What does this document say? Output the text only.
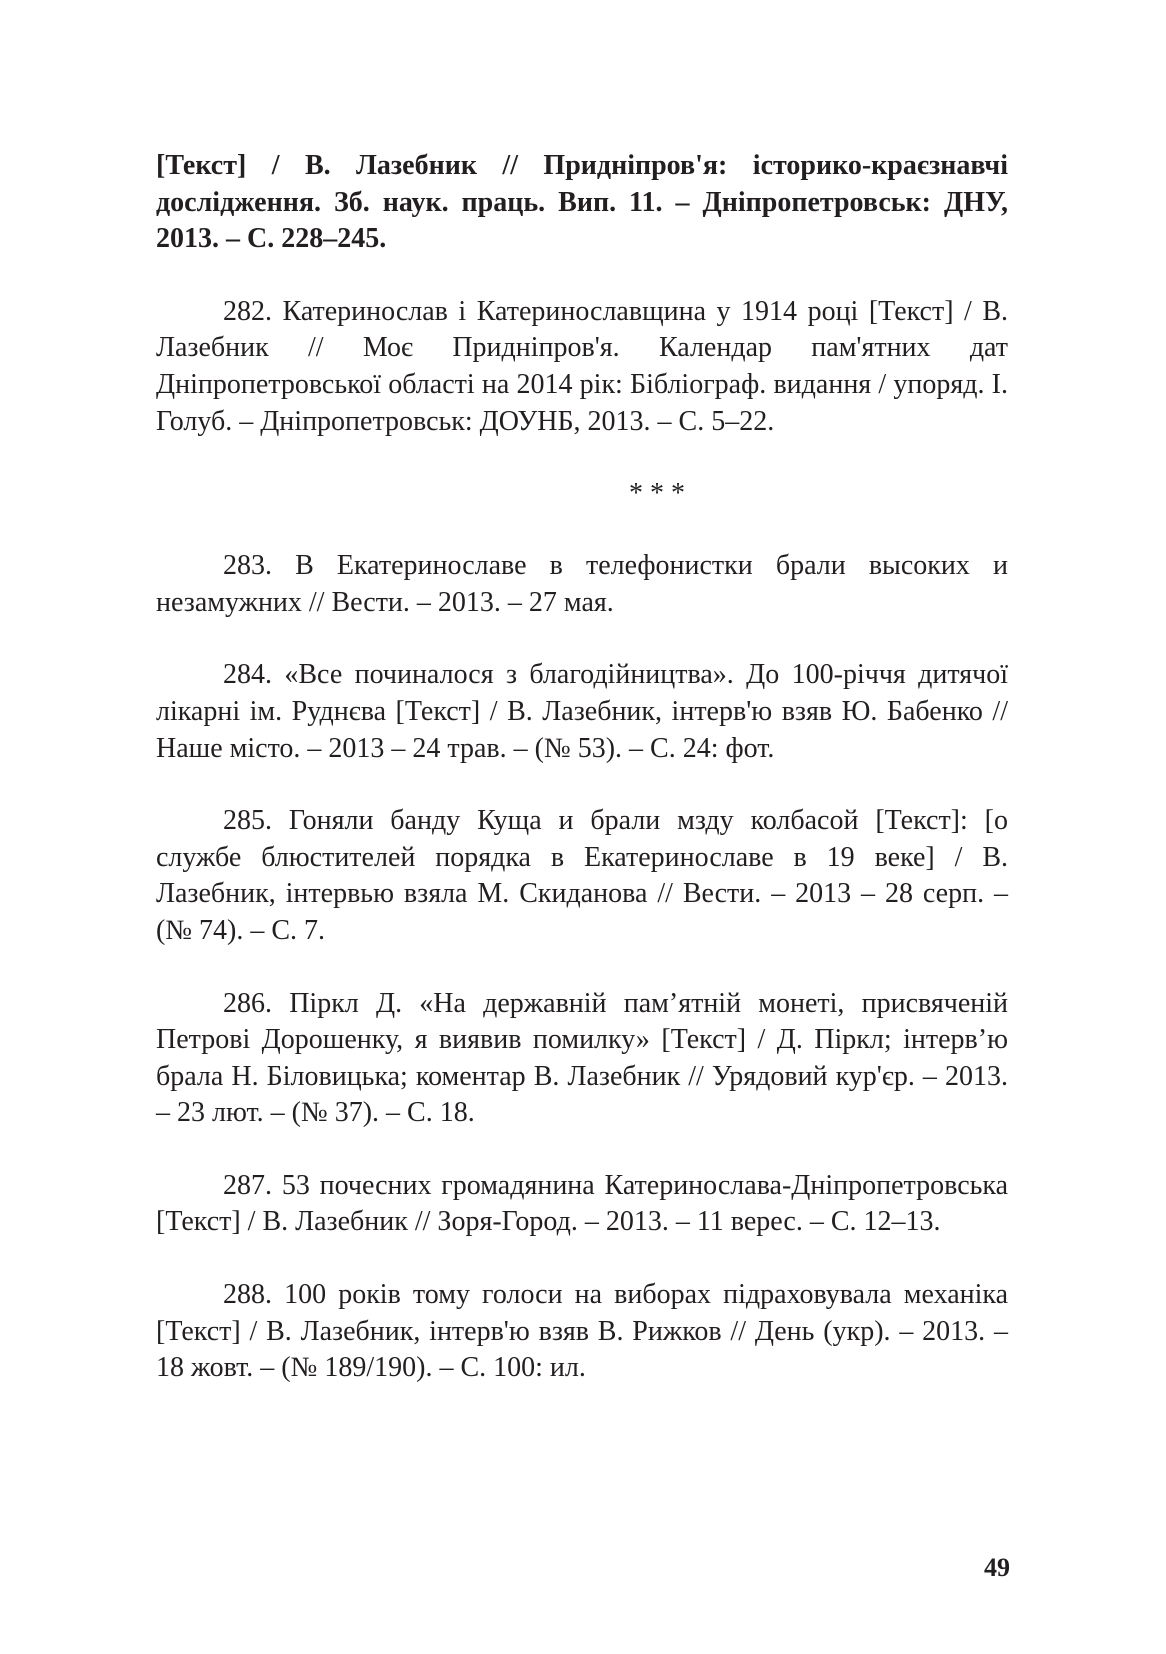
[Текст] / В. Лазебник // Придніпров'я: історико-краєзнавчі дослідження. Зб. наук. праць. Вип. 11. – Дніпропетровськ: ДНУ, 2013. – С. 228–245.

282. Катеринослав і Катеринославщина у 1914 році [Текст] / В. Лазебник // Моє Придніпров'я. Календар пам'ятних дат Дніпропетровської області на 2014 рік: Бібліограф. видання / упоряд. І. Голуб. – Дніпропетровськ: ДОУНБ, 2013. – С. 5–22.

* * *

283. В Екатеринославе в телефонистки брали высоких и незамужних // Вести. – 2013. – 27 мая.

284. «Все починалося з благодійництва». До 100-річчя дитячої лікарні ім. Руднєва [Текст] / В. Лазебник, інтерв'ю взяв Ю. Бабенко // Наше місто. – 2013 – 24 трав. – (№ 53). – С. 24: фот.

285. Гоняли банду Куща и брали мзду колбасой [Текст]: [о службе блюстителей порядка в Екатеринославе в 19 веке] / В. Лазебник, інтервью взяла М. Скиданова // Вести. – 2013 – 28 серп. – (№ 74). – С. 7.

286. Піркл Д. «На державній пам’ятній монеті, присвяченій Петрові Дорошенку, я виявив помилку» [Текст] / Д. Піркл; інтерв’ю брала Н. Біловицька; коментар В. Лазебник // Урядовий кур'єр. – 2013. – 23 лют. – (№ 37). – С. 18.

287. 53 почесних громадянина Катеринослава-Дніпропетровська [Текст] / В. Лазебник // Зоря-Город. – 2013. – 11 верес. – С. 12–13.

288. 100 років тому голоси на виборах підраховувала механіка [Текст] / В. Лазебник, інтерв'ю взяв В. Рижков // День (укр). – 2013. – 18 жовт. – (№ 189/190). – С. 100: ил.

49
